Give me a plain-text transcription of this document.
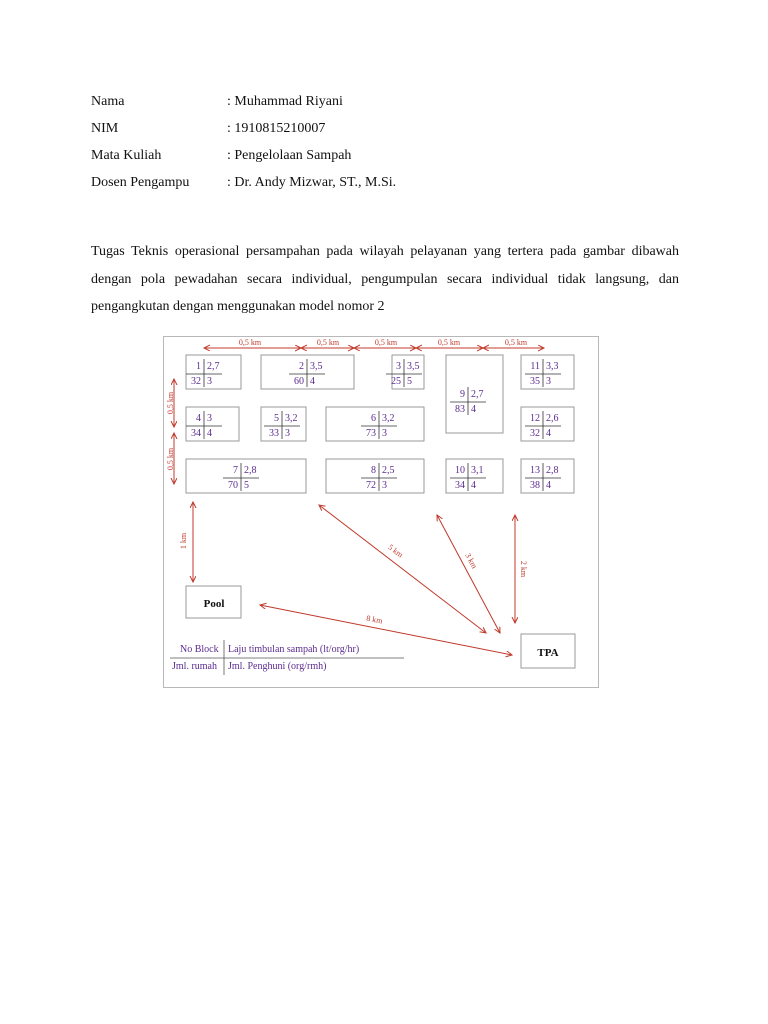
Nama	: Muhammad Riyani
NIM	: 1910815210007
Mata Kuliah	: Pengelolaan Sampah
Dosen Pengampu	: Dr. Andy Mizwar, ST., M.Si.

Tugas Teknis operasional persampahan pada wilayah pelayanan yang tertera pada gambar dibawah dengan pola pewadahan secara individual, pengumpulan secara individual tidak langsung, dan pengangkutan dengan menggunakan model nomor 2

1 2,7
32 3
2 3,5
60 4
3 3,5
25 5
9 2,7
83 4
11 3,3
35 3
4 3
34 4
5 3,2
33 3
6 3,2
73 3
12 2,6
32 4
7 2,8
70 5
8 2,5
72 3
10 3,1
34 4
13 2,8
38 4
0,5 km	0,5 km	0,5 km	0,5 km	0,5 km
0,5 km
0,5 km
1 km
5 km
3 km	2 km
8 km
Pool
TPA
No Block Laju timbulan sampah (lt/org/hr)
Jml. rumah Jml. Penghuni (org/rmh)
